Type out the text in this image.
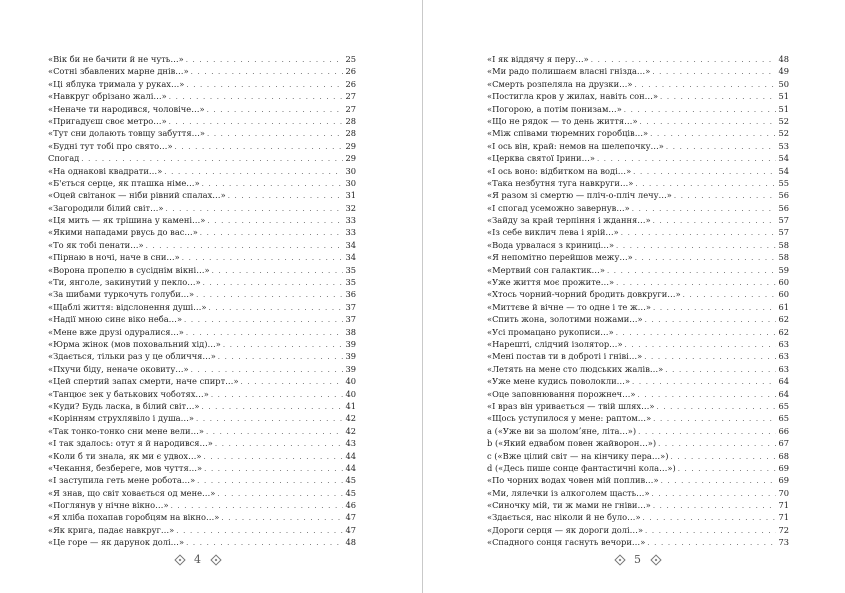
«Вік би не бачити й не чуть…» . . .	25
«Сотні збавлених марне днів…» . . .	26
«Ці яблука тримала у руках…» . . .	26
«Навкруг обрізано жалі…» . . .	27
«Неначе ти народився, чоловіче…» . . .	27
«Пригадуєш своє метро…» . . .	28
«Тут сни долають товщу забуття…» . . .	28
«Будні тут тобі про свято…» . . .	29
Спогад . . .	29
«На однакові квадрати…» . . .	30
«Б'ється серце, як пташка німе…» . . .	30
«Оцей світанок — ніби рівний спалах…» . . .	31
«Загородили білий світ…» . . .	32
«Ця мить — як трішина у камені…» . . .	33
«Якими нападами рвусь до вас…» . . .	33
«То як тобі пенати…» . . .	34
«Пірнаю в ночі, наче в сни…» . . .	34
«Ворона пропелю в сусіднім вікні…» . . .	35
«Ти, янголе, закинутий у пекло…» . . .	35
«За шибами туркочуть голуби…» . . .	36
«Щаблі життя: відслонення душі…» . . .	37
«Надії мною синє віко неба…» . . .	37
«Мене вже друзі одуралися…» . . .	38
«Юрма жінок (мов поховальний хід)…» . . .	39
«Здається, тільки раз у це обличчя…» . . .	39
«Пхучи біду, неначе оковиту…» . . .	39
«Цей спертий запах смерти, наче спирт…» . . .	40
«Танцює зек у батькових чоботях…» . . .	40
«Куди? Будь ласка, в білий світ…» . . .	41
«Корінням струхлявіло і душа…» . . .	42
«Так тонко-тонко сни мене вели…» . . .	42
«І так здалось: отут я й народився…» . . .	43
«Коли б ти знала, як ми є удвох…» . . .	44
«Чекання, безбереге, мов чуття…» . . .	44
«І заступила геть мене робота…» . . .	45
«Я знав, що світ ховається од мене…» . . .	45
«Поглянув у нічне вікно…» . . .	46
«Я хліба похапав горобцям на вікно…» . . .	47
«Як крига, падає навкруг…» . . .	47
«Це горе — як дарунок долі…» . . .	48
4
«І як віддячу я перу…» . . .	48
«Ми радо полишаєм власні гнізда…» . . .	49
«Смерть розпеляла на друзки…» . . .	50
«Постигла кров у жилах, навіть сон…» . . .	51
«Погорою, а потім понизам…» . . .	51
«Що не рядок — то день життя…» . . .	52
«Між співами тюремних горобців…» . . .	52
«І ось він, край: немов на шелепочку…» . . .	53
«Церква святої Ірини…» . . .	54
«І ось воно: відбитком на воді…» . . .	54
«Така незбутня туга навкруги…» . . .	55
«Я разом зі смертю — пліч-о-пліч лечу…» . . .	56
«І спогад усеможно завернув…» . . .	56
«Зайду за край терпіння і ждання…» . . .	57
«Із себе виклич лева і ярій…» . . .	57
«Вода урвалася з криниці…» . . .	58
«Я непомітно перейшов межу…» . . .	58
«Мертвий сон галактик…» . . .	59
«Уже життя моє прожите…» . . .	60
«Хтось чорний-чорний бродить довкруги…» . . .	60
«Миттєве й вічне — то одне і те ж…» . . .	61
«Спить жона, золотими ножами…» . . .	62
«Усі промацано рукописи…» . . .	62
«Нарешті, слідчий ізолятор…» . . .	63
«Мені постав ти в доброті і гніві…» . . .	63
«Летять на мене сто людських жалів…» . . .	63
«Уже мене кудись поволокли…» . . .	64
«Оце заповнювання порожнеч…» . . .	64
«І враз він уривається — твій шлях…» . . .	65
«Щось уступилося у мене: раптом…» . . .	65
a («Уже ви за шоломʼяне, літа…») . . .	66
b («Який едвабом повен жайворон…») . . .	67
c («Вже цілий світ — на кінчику пера…») . . .	68
d («Десь пише сонце фантастичні кола…») . . .	69
«По чорних водах човен мій поплив…» . . .	69
«Ми, лялечки із алкоголем щасть…» . . .	70
«Синочку мій, ти ж мами не гніви…» . . .	71
«Здається, нас ніколи й не було…» . . .	71
«Дороги серця — як дороги долі…» . . .	72
«Спадного сонця гаснуть вечори…» . . .	73
5
